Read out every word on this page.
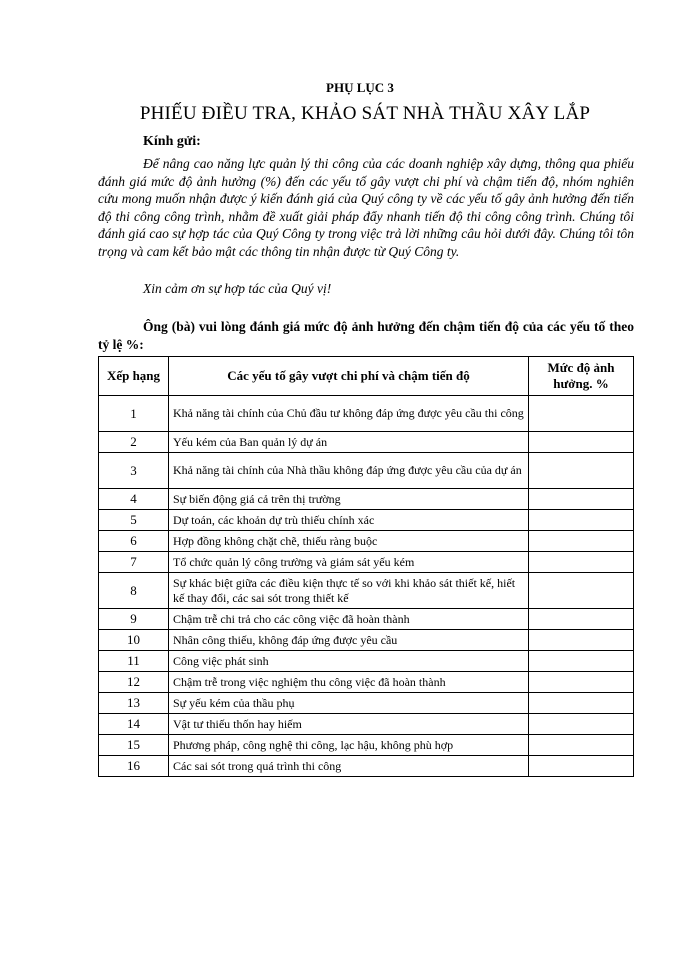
PHỤ LỤC 3
PHIẾU ĐIỀU TRA, KHẢO SÁT NHÀ THẦU XÂY LẮP
Kính gửi:

Để nâng cao năng lực quản lý thi công của các doanh nghiệp xây dựng, thông qua phiếu đánh giá mức độ ảnh hưởng (%) đến các yếu tố gây vượt chi phí và chậm tiến độ, nhóm nghiên cứu mong muốn nhận được ý kiến đánh giá của Quý công ty về các yếu tố gây ảnh hưởng đến tiến độ thi công công trình, nhằm đề xuất giải pháp đẩy nhanh tiến độ thi công công trình. Chúng tôi đánh giá cao sự hợp tác của Quý Công ty trong việc trả lời những câu hỏi dưới đây. Chúng tôi tôn trọng và cam kết bảo mật các thông tin nhận được từ Quý Công ty.

Xin cảm ơn sự hợp tác của Quý vị!
Ông (bà) vui lòng đánh giá mức độ ảnh hưởng đến chậm tiến độ của các yếu tố theo tỷ lệ %:
Xếp hạng	Các yếu tố gây vượt chi phí và chậm tiến độ	Mức độ ảnh hưởng. %
1	Khả năng tài chính của Chủ đầu tư không đáp ứng được yêu cầu thi công	
2	Yếu kém của Ban quản lý dự án	
3	Khả năng tài chính của Nhà thầu không đáp ứng được yêu cầu của dự án	
4	Sự biến động giá cả trên thị trường	
5	Dự toán, các khoản dự trù thiếu chính xác	
6	Hợp đồng không chặt chẽ, thiếu ràng buộc	
7	Tổ chức quản lý công trường và giám sát yếu kém	
8	Sự khác biệt giữa các điều kiện thực tế so với khi khảo sát thiết kế, hiết kế thay đổi, các sai sót trong thiết kế	
9	Chậm trễ chi trả cho các công việc đã hoàn thành	
10	Nhân công thiếu, không đáp ứng được yêu cầu	
11	Công việc phát sinh	
12	Chậm trễ trong việc nghiệm thu công việc đã hoàn thành	
13	Sự yếu kém của thầu phụ	
14	Vật tư thiếu thốn hay hiếm	
15	Phương pháp, công nghệ thi công, lạc hậu, không phù hợp	
16	Các sai sót trong quá trình thi công	
